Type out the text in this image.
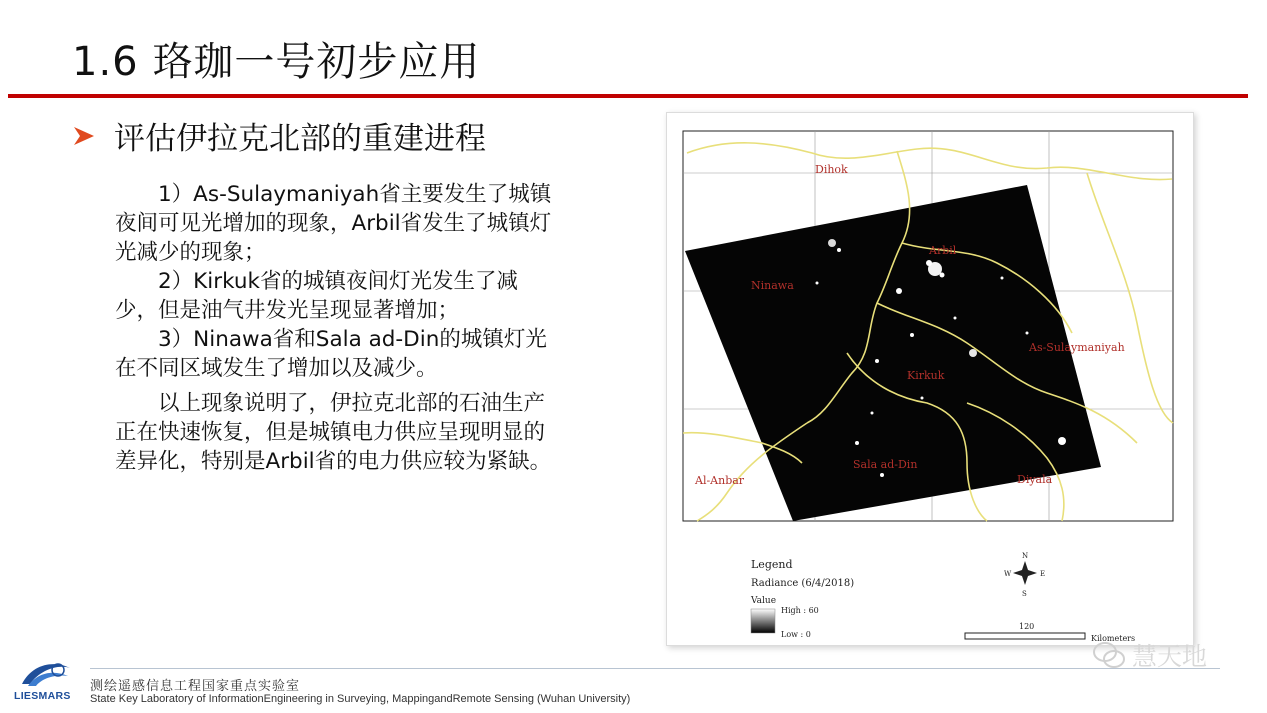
1.6 珞珈一号初步应用
评估伊拉克北部的重建进程

1）As-Sulaymaniyah省主要发生了城镇夜间可见光增加的现象，Arbil省发生了城镇灯光减少的现象；

2）Kirkuk省的城镇夜间灯光发生了减少，但是油气井发光呈现显著增加；

3）Ninawa省和Sala ad-Din的城镇灯光在不同区域发生了增加以及减少。

以上现象说明了，伊拉克北部的石油生产正在快速恢复，但是城镇电力供应呈现明显的差异化，特别是Arbil省的电力供应较为紧缺。

Dihok
Arbil
Ninawa
As-Sulaymaniyah
Kirkuk
Sala ad-Din
Al-Anbar	Diyala
Legend
Radiance (6/4/2018)
Value
High : 60
Low : 0
N
S
E
W
120
Kilometers
LIESMARS
测绘遥感信息工程国家重点实验室
State Key Laboratory of InformationEngineering in Surveying, MappingandRemote Sensing (Wuhan University)
慧天地
